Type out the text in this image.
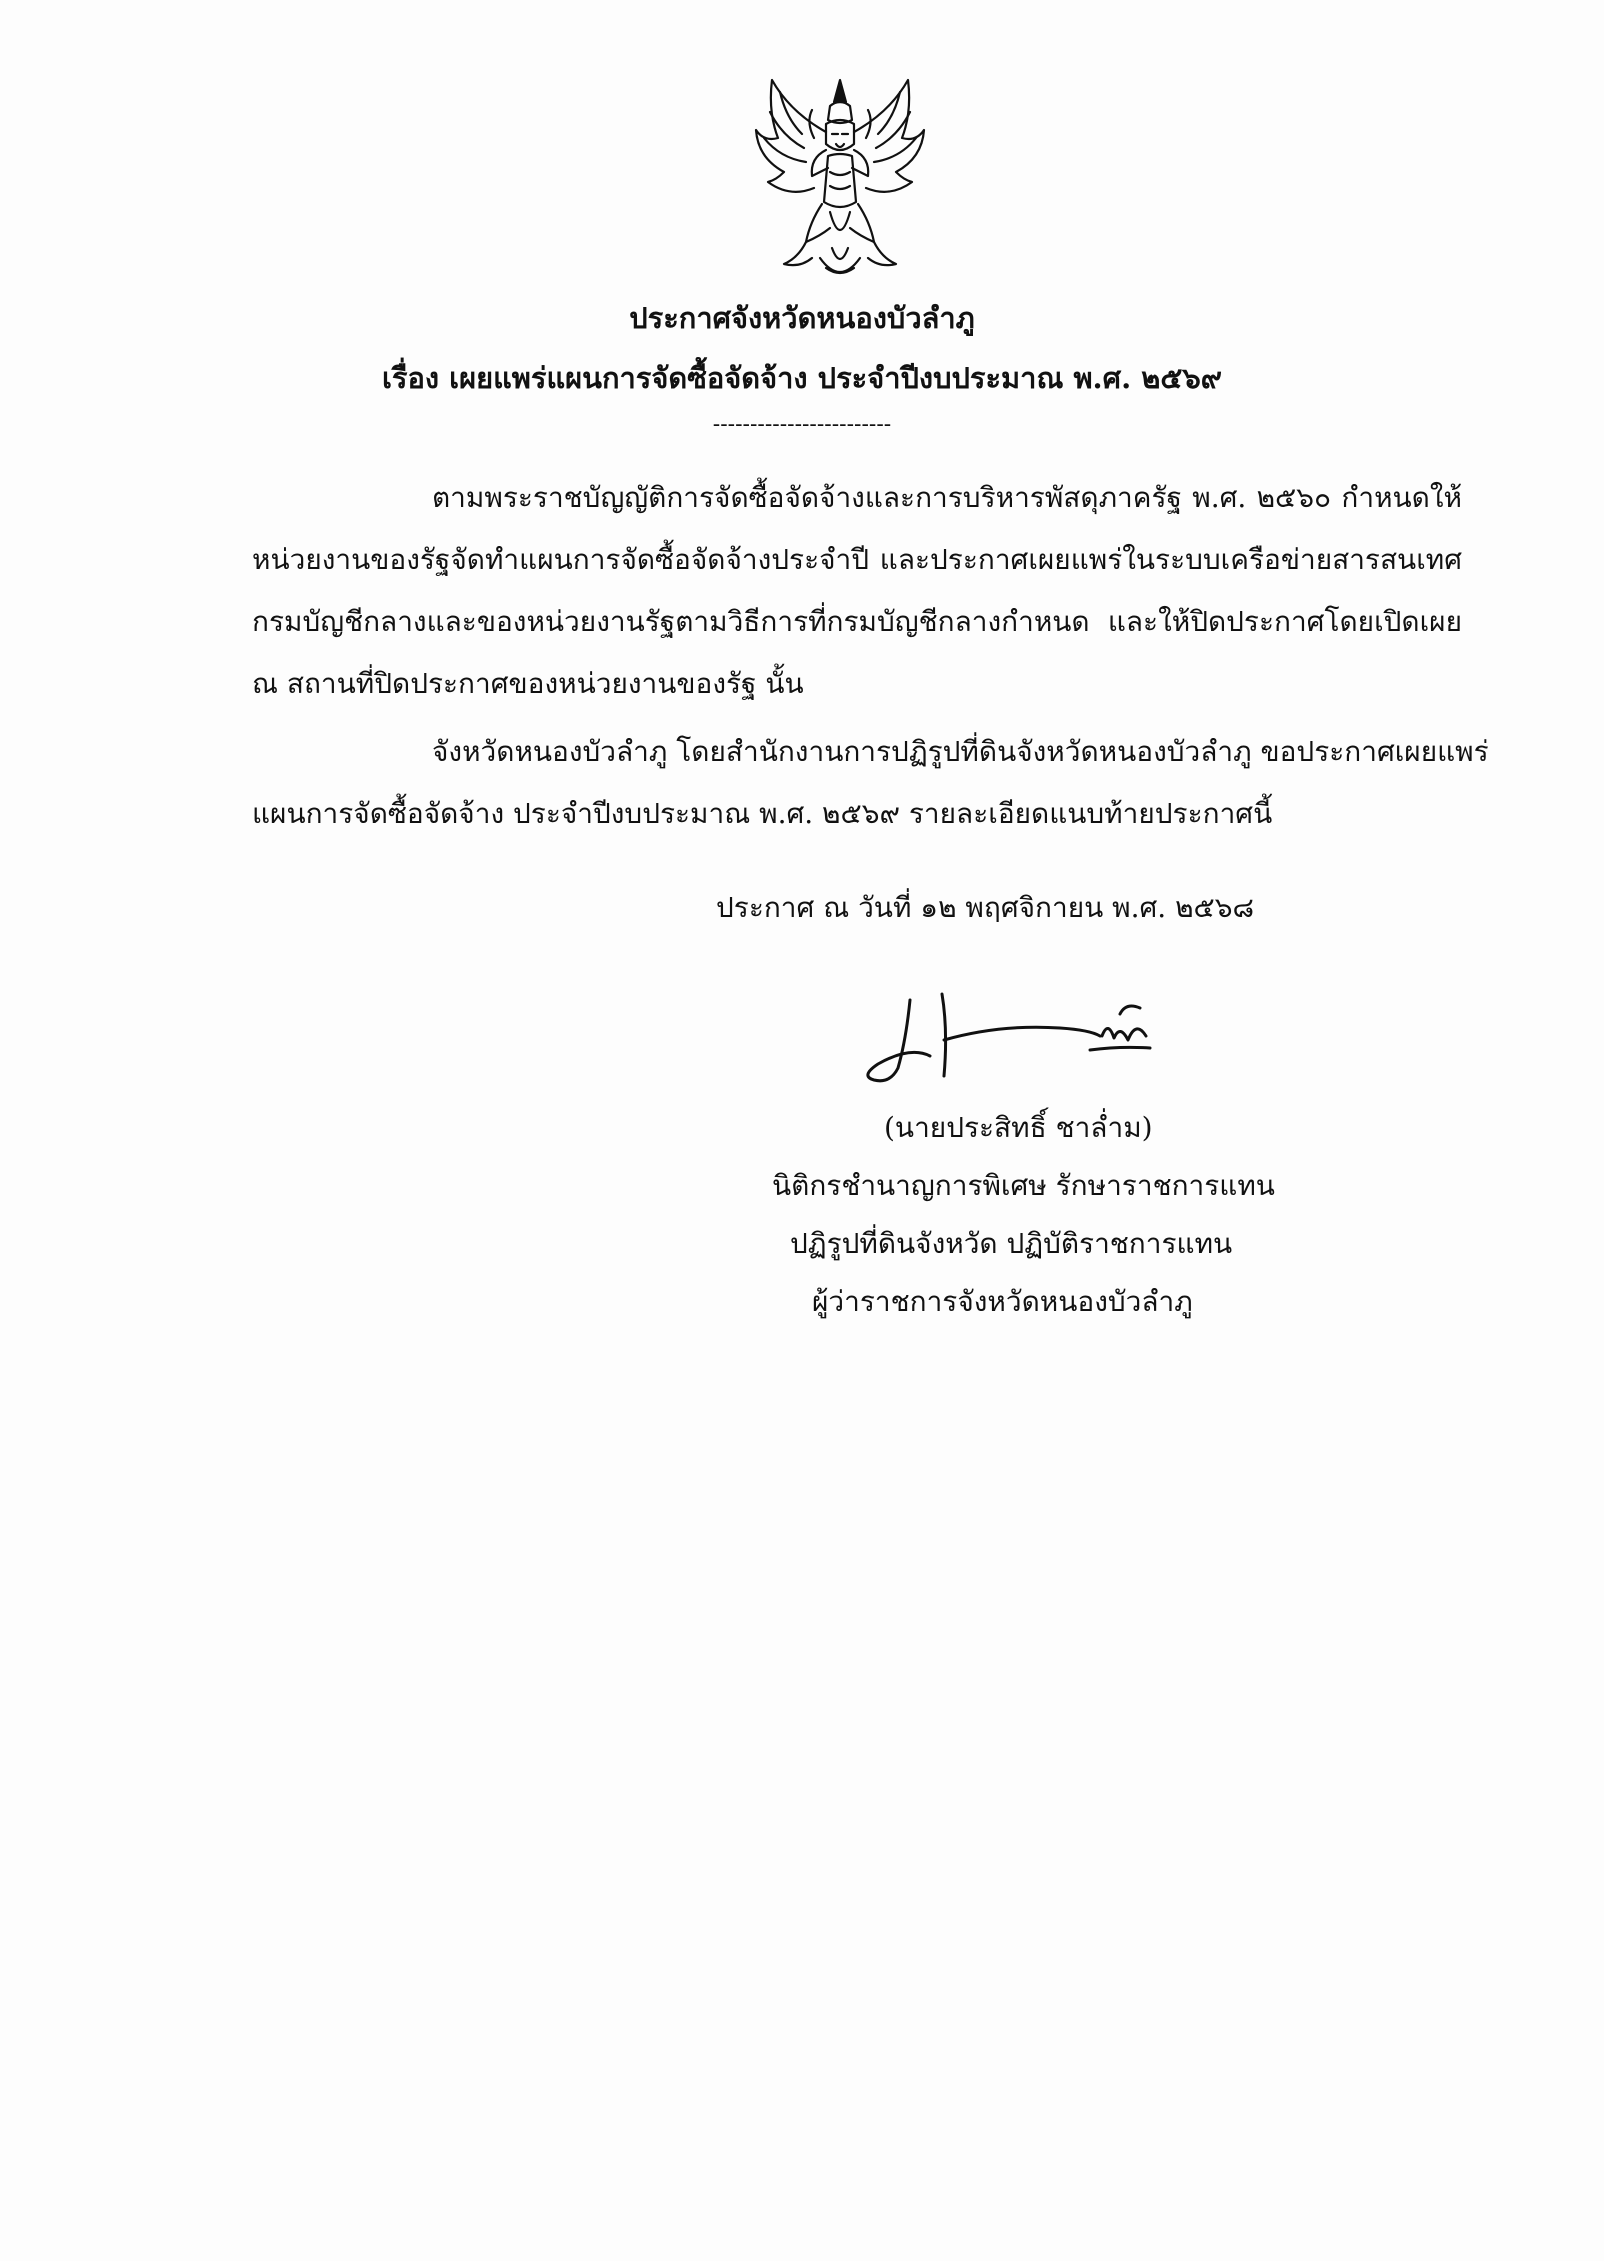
ประกาศจังหวัดหนองบัวลำภู
เรื่อง เผยแพร่แผนการจัดซื้อจัดจ้าง ประจำปีงบประมาณ พ.ศ. ๒๕๖๙
------------------------
ตามพระราชบัญญัติการจัดซื้อจัดจ้างและการบริหารพัสดุภาครัฐ พ.ศ. ๒๕๖๐ กำหนดให้
หน่วยงานของรัฐจัดทำแผนการจัดซื้อจัดจ้างประจำปี และประกาศเผยแพร่ในระบบเครือข่ายสารสนเทศ
กรมบัญชีกลางและของหน่วยงานรัฐตามวิธีการที่กรมบัญชีกลางกำหนด และให้ปิดประกาศโดยเปิดเผย
ณ สถานที่ปิดประกาศของหน่วยงานของรัฐ นั้น
จังหวัดหนองบัวลำภู โดยสำนักงานการปฏิรูปที่ดินจังหวัดหนองบัวลำภู ขอประกาศเผยแพร่
แผนการจัดซื้อจัดจ้าง ประจำปีงบประมาณ พ.ศ. ๒๕๖๙ รายละเอียดแนบท้ายประกาศนี้
ประกาศ ณ วันที่ ๑๒ พฤศจิกายน พ.ศ. ๒๕๖๘
(นายประสิทธิ์ ชาล่ำม)
นิติกรชำนาญการพิเศษ รักษาราชการแทน
ปฏิรูปที่ดินจังหวัด ปฏิบัติราชการแทน
ผู้ว่าราชการจังหวัดหนองบัวลำภู
